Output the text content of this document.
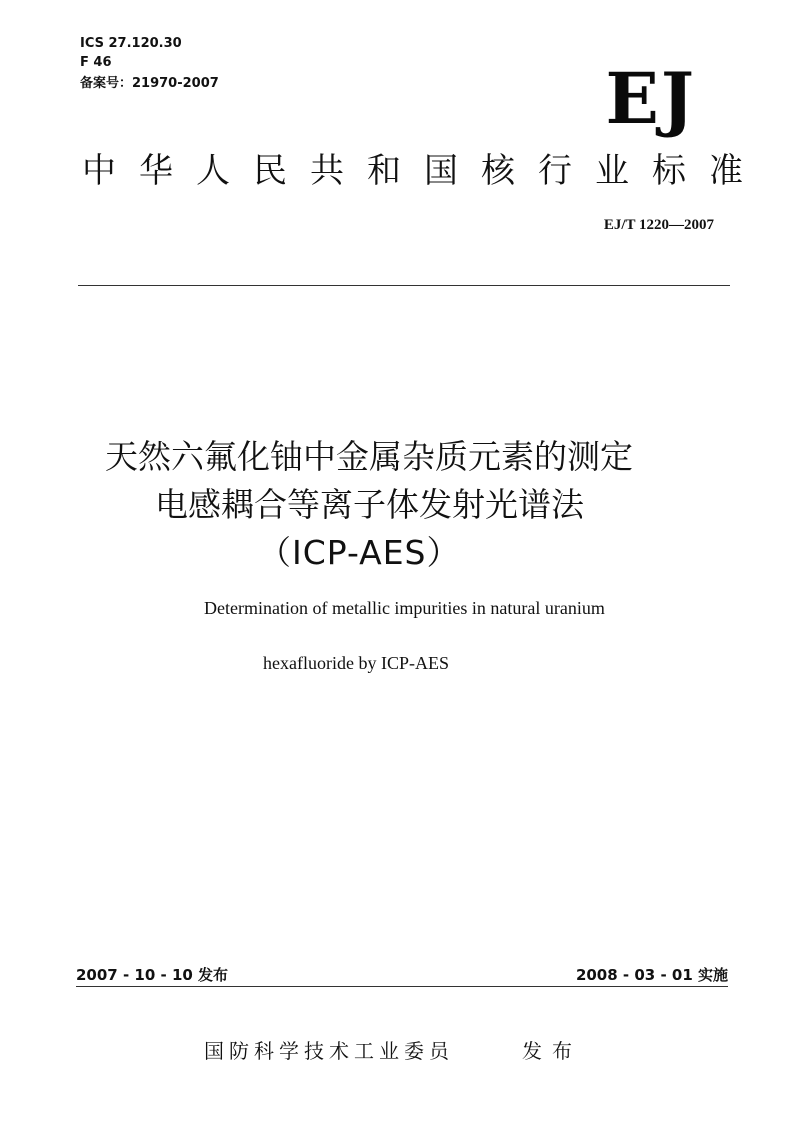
ICS 27.120.30
F 46
备案号：21970-2007	EJ
中华人民共和国核行业标准
EJ/T 1220—2007
天然六氟化铀中金属杂质元素的测定
电感耦合等离子体发射光谱法
（ICP-AES）
Determination of metallic impurities in natural uranium
hexafluoride by ICP-AES
2007 - 10 - 10 发布	2008 - 03 - 01 实施
国防科学技术工业委员	发布
